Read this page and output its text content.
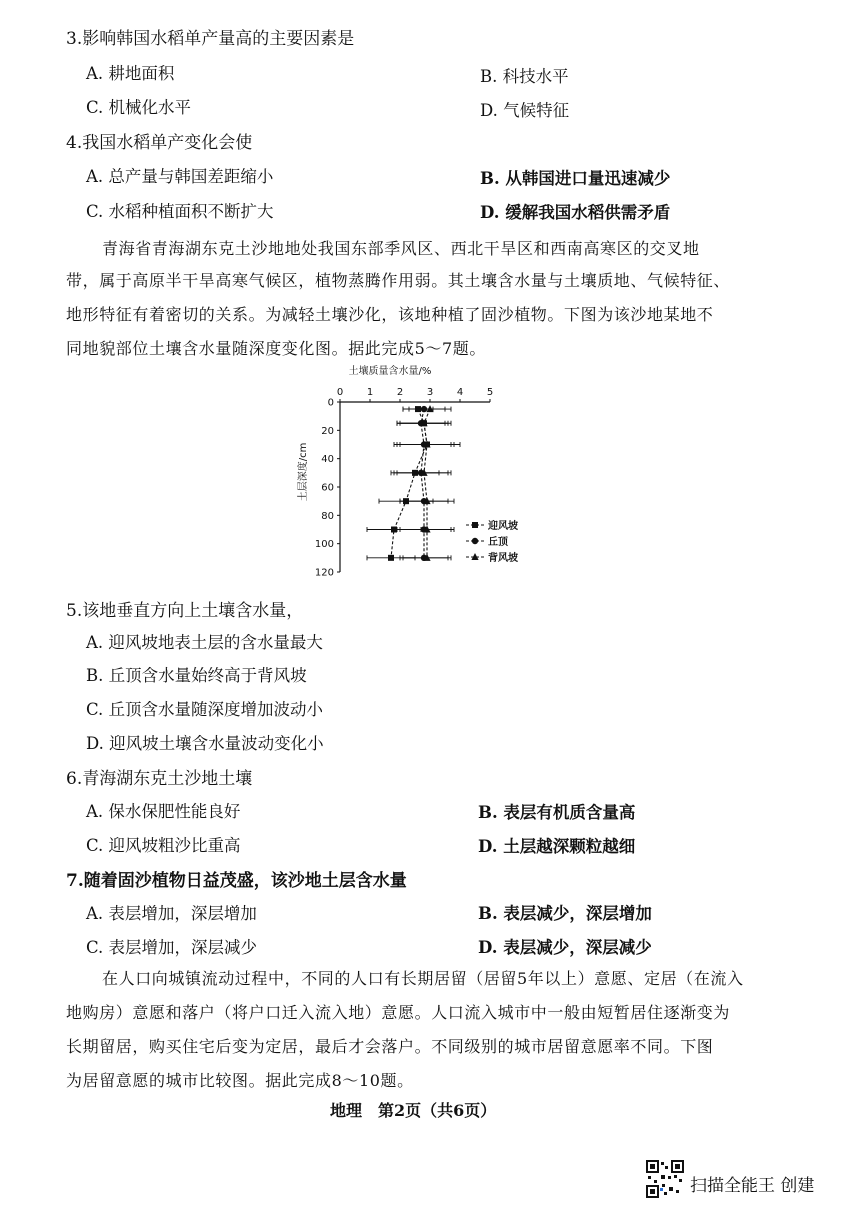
3.影响韩国水稻单产量高的主要因素是
A. 耕地面积	B. 科技水平
C. 机械化水平	D. 气候特征
4.我国水稻单产变化会使
A. 总产量与韩国差距缩小	B. 从韩国进口量迅速减少
C. 水稻种植面积不断扩大	D. 缓解我国水稻供需矛盾
青海省青海湖东克土沙地地处我国东部季风区、西北干旱区和西南高寒区的交叉地
带，属于高原半干旱高寒气候区，植物蒸腾作用弱。其土壤含水量与土壤质地、气候特征、
地形特征有着密切的关系。为减轻土壤沙化，该地种植了固沙植物。下图为该沙地某地不
同地貌部位土壤含水量随深度变化图。据此完成5～7题。
土壤质量含水量/%
0 1 2 3 4 5
0
20
40
60
80
100
120
土层深度/cm
迎风坡
丘顶
背风坡
5.该地垂直方向上土壤含水量，
A. 迎风坡地表土层的含水量最大
B. 丘顶含水量始终高于背风坡
C. 丘顶含水量随深度增加波动小
D. 迎风坡土壤含水量波动变化小
6.青海湖东克土沙地土壤
A. 保水保肥性能良好	B. 表层有机质含量高
C. 迎风坡粗沙比重高	D. 土层越深颗粒越细
7.随着固沙植物日益茂盛，该沙地土层含水量
A. 表层增加，深层增加	B. 表层减少，深层增加
C. 表层增加，深层减少	D. 表层减少，深层减少
在人口向城镇流动过程中，不同的人口有长期居留（居留5年以上）意愿、定居（在流入
地购房）意愿和落户（将户口迁入流入地）意愿。人口流入城市中一般由短暂居住逐渐变为
长期留居，购买住宅后变为定居，最后才会落户。不同级别的城市居留意愿率不同。下图
为居留意愿的城市比较图。据此完成8～10题。
地理　第2页（共6页）
扫描全能王 创建
